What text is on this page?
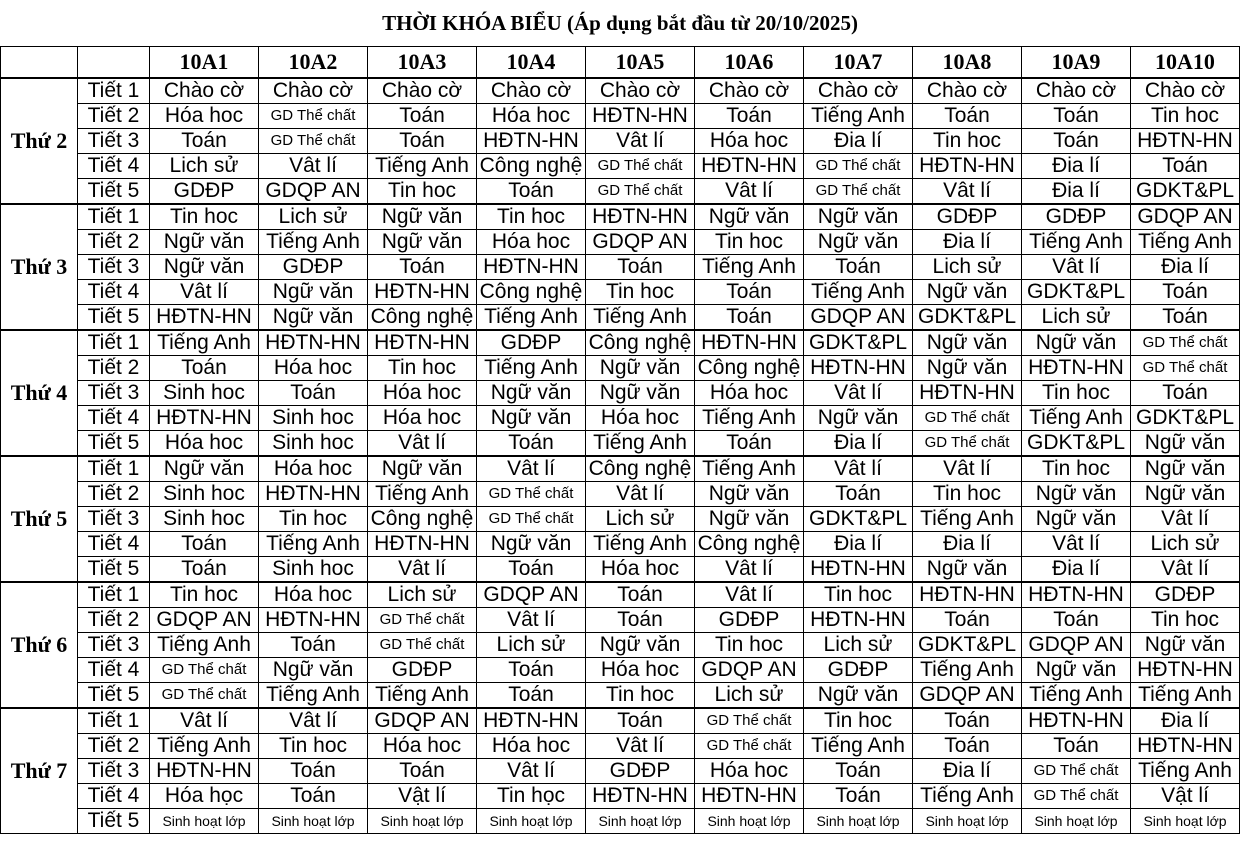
THỜI KHÓA BIỂU (Áp dụng bắt đầu từ 20/10/2025)
		10A1	10A2	10A3	10A4	10A5	10A6	10A7	10A8	10A9	10A10
Thứ 2	Tiết 1	Chào cờ	Chào cờ	Chào cờ	Chào cờ	Chào cờ	Chào cờ	Chào cờ	Chào cờ	Chào cờ	Chào cờ
	Tiết 2	Hóa hoc	GD Thể chất	Toán	Hóa hoc	HĐTN-HN	Toán	Tiếng Anh	Toán	Toán	Tin hoc
	Tiết 3	Toán	GD Thể chất	Toán	HĐTN-HN	Vât lí	Hóa hoc	Đia lí	Tin hoc	Toán	HĐTN-HN
	Tiết 4	Lich sử	Vât lí	Tiếng Anh	Công nghệ	GD Thể chất	HĐTN-HN	GD Thể chất	HĐTN-HN	Đia lí	Toán
	Tiết 5	GDĐP	GDQP AN	Tin hoc	Toán	GD Thể chất	Vât lí	GD Thể chất	Vât lí	Đia lí	GDKT&PL
Thứ 3	Tiết 1	Tin hoc	Lich sử	Ngữ văn	Tin hoc	HĐTN-HN	Ngữ văn	Ngữ văn	GDĐP	GDĐP	GDQP AN
	Tiết 2	Ngữ văn	Tiếng Anh	Ngữ văn	Hóa hoc	GDQP AN	Tin hoc	Ngữ văn	Đia lí	Tiếng Anh	Tiếng Anh
	Tiết 3	Ngữ văn	GDĐP	Toán	HĐTN-HN	Toán	Tiếng Anh	Toán	Lich sử	Vât lí	Đia lí
	Tiết 4	Vât lí	Ngữ văn	HĐTN-HN	Công nghệ	Tin hoc	Toán	Tiếng Anh	Ngữ văn	GDKT&PL	Toán
	Tiết 5	HĐTN-HN	Ngữ văn	Công nghệ	Tiếng Anh	Tiếng Anh	Toán	GDQP AN	GDKT&PL	Lich sử	Toán
Thứ 4	Tiết 1	Tiếng Anh	HĐTN-HN	HĐTN-HN	GDĐP	Công nghệ	HĐTN-HN	GDKT&PL	Ngữ văn	Ngữ văn	GD Thể chất
	Tiết 2	Toán	Hóa hoc	Tin hoc	Tiếng Anh	Ngữ văn	Công nghệ	HĐTN-HN	Ngữ văn	HĐTN-HN	GD Thể chất
	Tiết 3	Sinh hoc	Toán	Hóa hoc	Ngữ văn	Ngữ văn	Hóa hoc	Vât lí	HĐTN-HN	Tin hoc	Toán
	Tiết 4	HĐTN-HN	Sinh hoc	Hóa hoc	Ngữ văn	Hóa hoc	Tiếng Anh	Ngữ văn	GD Thể chất	Tiếng Anh	GDKT&PL
	Tiết 5	Hóa hoc	Sinh hoc	Vât lí	Toán	Tiếng Anh	Toán	Đia lí	GD Thể chất	GDKT&PL	Ngữ văn
Thứ 5	Tiết 1	Ngữ văn	Hóa hoc	Ngữ văn	Vât lí	Công nghệ	Tiếng Anh	Vât lí	Vât lí	Tin hoc	Ngữ văn
	Tiết 2	Sinh hoc	HĐTN-HN	Tiếng Anh	GD Thể chất	Vât lí	Ngữ văn	Toán	Tin hoc	Ngữ văn	Ngữ văn
	Tiết 3	Sinh hoc	Tin hoc	Công nghệ	GD Thể chất	Lich sử	Ngữ văn	GDKT&PL	Tiếng Anh	Ngữ văn	Vât lí
	Tiết 4	Toán	Tiếng Anh	HĐTN-HN	Ngữ văn	Tiếng Anh	Công nghệ	Đia lí	Đia lí	Vât lí	Lich sử
	Tiết 5	Toán	Sinh hoc	Vât lí	Toán	Hóa hoc	Vât lí	HĐTN-HN	Ngữ văn	Đia lí	Vât lí
Thứ 6	Tiết 1	Tin hoc	Hóa hoc	Lich sử	GDQP AN	Toán	Vât lí	Tin hoc	HĐTN-HN	HĐTN-HN	GDĐP
	Tiết 2	GDQP AN	HĐTN-HN	GD Thể chất	Vât lí	Toán	GDĐP	HĐTN-HN	Toán	Toán	Tin hoc
	Tiết 3	Tiếng Anh	Toán	GD Thể chất	Lich sử	Ngữ văn	Tin hoc	Lich sử	GDKT&PL	GDQP AN	Ngữ văn
	Tiết 4	GD Thể chất	Ngữ văn	GDĐP	Toán	Hóa hoc	GDQP AN	GDĐP	Tiếng Anh	Ngữ văn	HĐTN-HN
	Tiết 5	GD Thể chất	Tiếng Anh	Tiếng Anh	Toán	Tin hoc	Lich sử	Ngữ văn	GDQP AN	Tiếng Anh	Tiếng Anh
Thứ 7	Tiết 1	Vât lí	Vât lí	GDQP AN	HĐTN-HN	Toán	GD Thể chất	Tin hoc	Toán	HĐTN-HN	Đia lí
	Tiết 2	Tiếng Anh	Tin hoc	Hóa hoc	Hóa hoc	Vât lí	GD Thể chất	Tiếng Anh	Toán	Toán	HĐTN-HN
	Tiết 3	HĐTN-HN	Toán	Toán	Vât lí	GDĐP	Hóa hoc	Toán	Đia lí	GD Thể chất	Tiếng Anh
	Tiết 4	Hóa học	Toán	Vật lí	Tin học	HĐTN-HN	HĐTN-HN	Toán	Tiếng Anh	GD Thể chất	Vật lí
	Tiết 5	Sinh hoạt lớp	Sinh hoạt lớp	Sinh hoạt lớp	Sinh hoạt lớp	Sinh hoạt lớp	Sinh hoạt lớp	Sinh hoạt lớp	Sinh hoạt lớp	Sinh hoạt lớp	Sinh hoạt lớp
